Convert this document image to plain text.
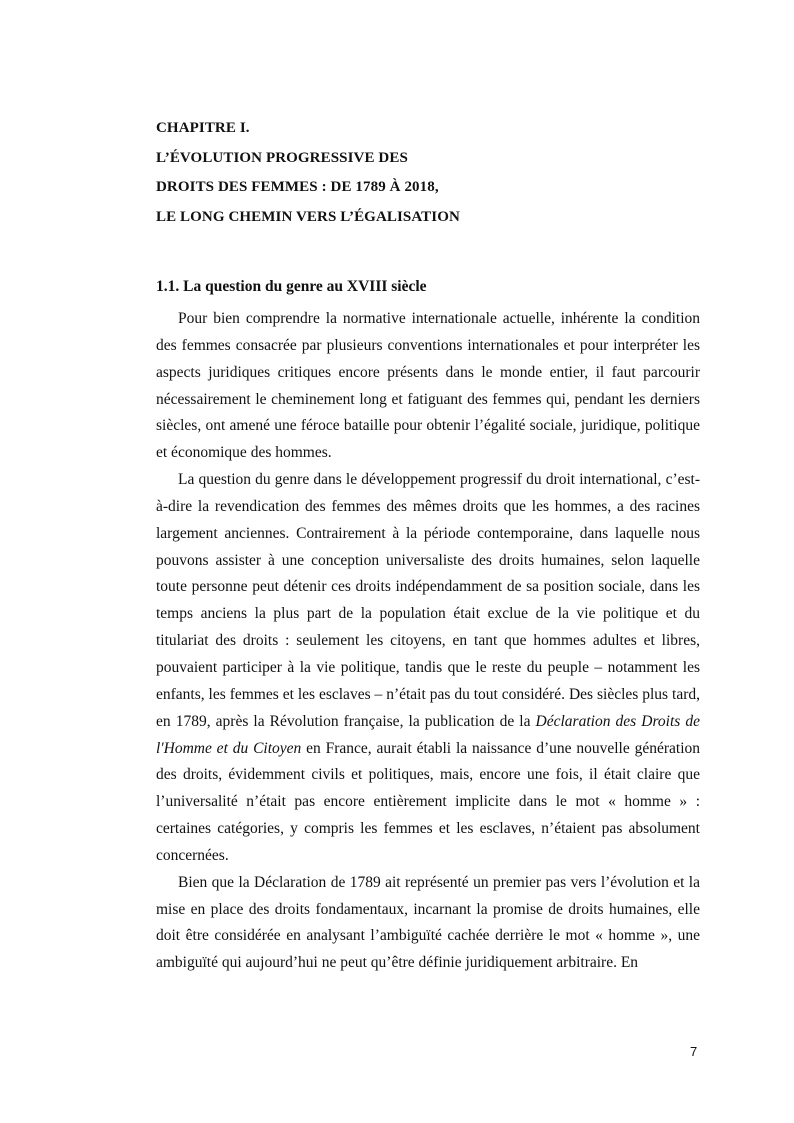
CHAPITRE I.
L’ÉVOLUTION PROGRESSIVE DES
DROITS DES FEMMES : DE 1789 À 2018,
LE LONG CHEMIN VERS L’ÉGALISATION
1.1. La question du genre au XVIII siècle

Pour bien comprendre la normative internationale actuelle, inhérente la condition des femmes consacrée par plusieurs conventions internationales et pour interpréter les aspects juridiques critiques encore présents dans le monde entier, il faut parcourir nécessairement le cheminement long et fatiguant des femmes qui, pendant les derniers siècles, ont amené une féroce bataille pour obtenir l’égalité sociale, juridique, politique et économique des hommes.

La question du genre dans le développement progressif du droit international, c’est-à-dire la revendication des femmes des mêmes droits que les hommes, a des racines largement anciennes. Contrairement à la période contemporaine, dans laquelle nous pouvons assister à une conception universaliste des droits humaines, selon laquelle toute personne peut détenir ces droits indépendamment de sa position sociale, dans les temps anciens la plus part de la population était exclue de la vie politique et du titulariat des droits : seulement les citoyens, en tant que hommes adultes et libres, pouvaient participer à la vie politique, tandis que le reste du peuple – notamment les enfants, les femmes et les esclaves – n’était pas du tout considéré. Des siècles plus tard, en 1789, après la Révolution française, la publication de la Déclaration des Droits de l'Homme et du Citoyen en France, aurait établi la naissance d’une nouvelle génération des droits, évidemment civils et politiques, mais, encore une fois, il était claire que l’universalité n’était pas encore entièrement implicite dans le mot « homme » : certaines catégories, y compris les femmes et les esclaves, n’étaient pas absolument concernées.

Bien que la Déclaration de 1789 ait représenté un premier pas vers l’évolution et la mise en place des droits fondamentaux, incarnant la promise de droits humaines, elle doit être considérée en analysant l’ambiguïté cachée derrière le mot « homme », une ambiguïté qui aujourd’hui ne peut qu’être définie juridiquement arbitraire. En

7
